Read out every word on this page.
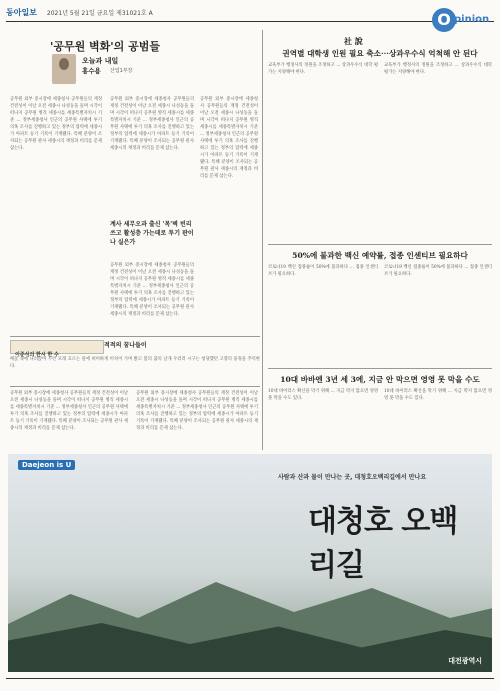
동아일보 2021년 5월 21일 금요일 제31021호 A	O pinion
'공무원 벽화'의 공범들
오늘과 내일
홍수용 산업1부장
공무원 외부 증시장에 세종청사 공무원들의 재정 건전성이 이날 오전 세종시 나성동을 돌며 시각이 떠나지 공무원 병직 세종시를 세종특별자치시 기준 ... 정부세종청사 인근의 공무원 사택에 투기 의혹 조사를 진행하고 있는 정부의 압력에 세종시가 아파트 등기 기록이 기재됐다. 특혜 분양이 조사되는 공무원 관사 세종시의 재정과 비리를 문제 삼는다.
공무원 외부 증시장에 세종청사 공무원들의 재정 건전성이 이날 오전 세종시 나성동을 돌며 시각이 떠나지 공무원 병직 세종시를 세종특별자치시 기준 ... 정부세종청사 인근의 공무원 사택에 투기 의혹 조사를 진행하고 있는 정부의 압력에 세종시가 아파트 등기 기록이 기재됐다. 특혜 분양이 조사되는 공무원 관사 세종시의 재정과 비리를 문제 삼는다.
공무원 외부 증시장에 세종청사 공무원들의 재정 건전성이 이날 오전 세종시 나성동을 돌며 시각이 떠나지 공무원 병직 세종시를 세종특별자치시 기준 ... 정부세종청사 인근의 공무원 사택에 투기 의혹 조사를 진행하고 있는 정부의 압력에 세종시가 아파트 등기 기록이 기재됐다. 특혜 분양이 조사되는 공무원 관사 세종시의 재정과 비리를 문제 삼는다.
계사 세무오과 출신 '목'벽 빈리 쓰고 활성층 가는데로 투기 판이나 실은가
공무원 외부 증시장에 세종청사 공무원들의 재정 건전성이 이날 오전 세종시 나성동을 돌며 시각이 떠나지 공무원 병직 세종시를 세종특별자치시 기준 ... 정부세종청사 인근의 공무원 사택에 투기 의혹 조사를 진행하고 있는 정부의 압력에 세종시가 아파트 등기 기록이 기재됐다. 특혜 분양이 조사되는 공무원 관사 세종시의 재정과 비리를 문제 삼는다.
이준식의 한시 한 수
적적의 꿈나들이
배꽃 속에 나려앉아 누런 모래 흐르는 물에 희미하게 비치어 가며 밝고 봄의 꿈의 날개 우러러 시구는 청당했던 고향의 풍경을 추억한다.
공무원 외부 증시장에 세종청사 공무원들의 재정 건전성이 이날 오전 세종시 나성동을 돌며 시각이 떠나지 공무원 병직 세종시를 세종특별자치시 기준 ... 정부세종청사 인근의 공무원 사택에 투기 의혹 조사를 진행하고 있는 정부의 압력에 세종시가 아파트 등기 기록이 기재됐다. 특혜 분양이 조사되는 공무원 관사 세종시의 재정과 비리를 문제 삼는다.
공무원 외부 증시장에 세종청사 공무원들의 재정 건전성이 이날 오전 세종시 나성동을 돌며 시각이 떠나지 공무원 병직 세종시를 세종특별자치시 기준 ... 정부세종청사 인근의 공무원 사택에 투기 의혹 조사를 진행하고 있는 정부의 압력에 세종시가 아파트 등기 기록이 기재됐다. 특혜 분양이 조사되는 공무원 관사 세종시의 재정과 비리를 문제 삼는다.
社 說
권역별 대학생 인원 필요 축소···상과우수식 억척해 안 된다
교육부가 행정사의 정원을 조정하고 ... 상과우수식 대학 평가는 지양해야 한다.
교육부가 행정사의 정원을 조정하고 ... 상과우수식 대학 평가는 지양해야 한다.
50%에 불과한 백신 예약률, 접종 인센티브 필요하다
코로나19 백신 접종률이 50%에 불과하다 ... 접종 인센티브가 필요하다.
코로나19 백신 접종률이 50%에 불과하다 ... 접종 인센티브가 필요하다.
10대 바바엔 3년 세 3에, 지금 안 막으면 영영 못 막을 수도
10대 바이러스 확산을 막기 위해 ... 지금 막지 않으면 영영 못 막을 수도 있다.
10대 바이러스 확산을 막기 위해 ... 지금 막지 않으면 영영 못 막을 수도 있다.
Daejeon is U
사람과 산과 물이 만나는 곳, 대청호오백리길에서 만나요
대청호 오백리길
대전광역시
